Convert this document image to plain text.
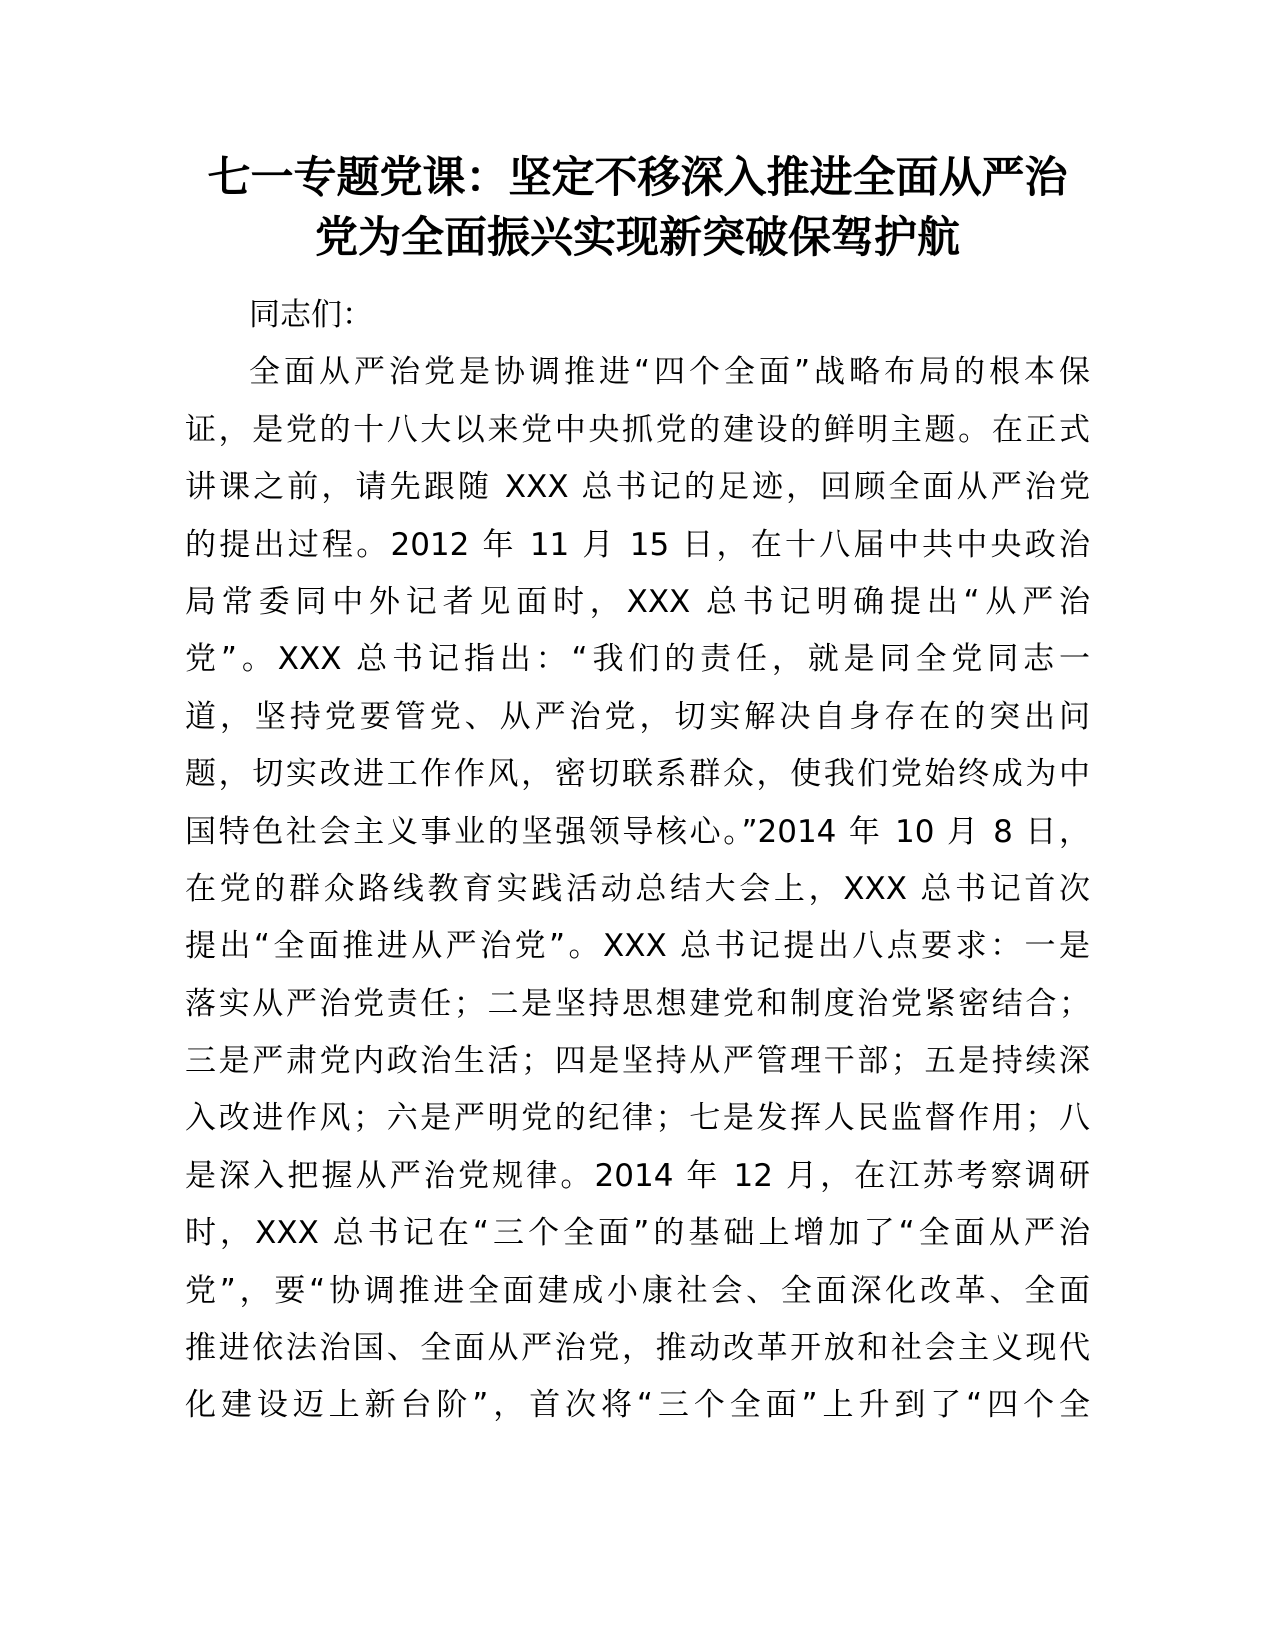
七一专题党课：坚定不移深入推进全面从严治
党为全面振兴实现新突破保驾护航
同志们：
全面从严治党是协调推进“四个全面”战略布局的根本保
证，是党的十八大以来党中央抓党的建设的鲜明主题。在正式
讲课之前，请先跟随 XXX 总书记的足迹，回顾全面从严治党
的提出过程。2012 年 11 月 15 日，在十八届中共中央政治
局常委同中外记者见面时，XXX 总书记明确提出“从严治
党”。XXX 总书记指出：“我们的责任，就是同全党同志一
道，坚持党要管党、从严治党，切实解决自身存在的突出问
题，切实改进工作作风，密切联系群众，使我们党始终成为中
国特色社会主义事业的坚强领导核心。”2014 年 10 月 8 日，
在党的群众路线教育实践活动总结大会上，XXX 总书记首次
提出“全面推进从严治党”。XXX 总书记提出八点要求：一是
落实从严治党责任；二是坚持思想建党和制度治党紧密结合；
三是严肃党内政治生活；四是坚持从严管理干部；五是持续深
入改进作风；六是严明党的纪律；七是发挥人民监督作用；八
是深入把握从严治党规律。2014 年 12 月，在江苏考察调研
时，XXX 总书记在“三个全面”的基础上增加了“全面从严治
党”，要“协调推进全面建成小康社会、全面深化改革、全面
推进依法治国、全面从严治党，推动改革开放和社会主义现代
化建设迈上新台阶”，首次将“三个全面”上升到了“四个全
